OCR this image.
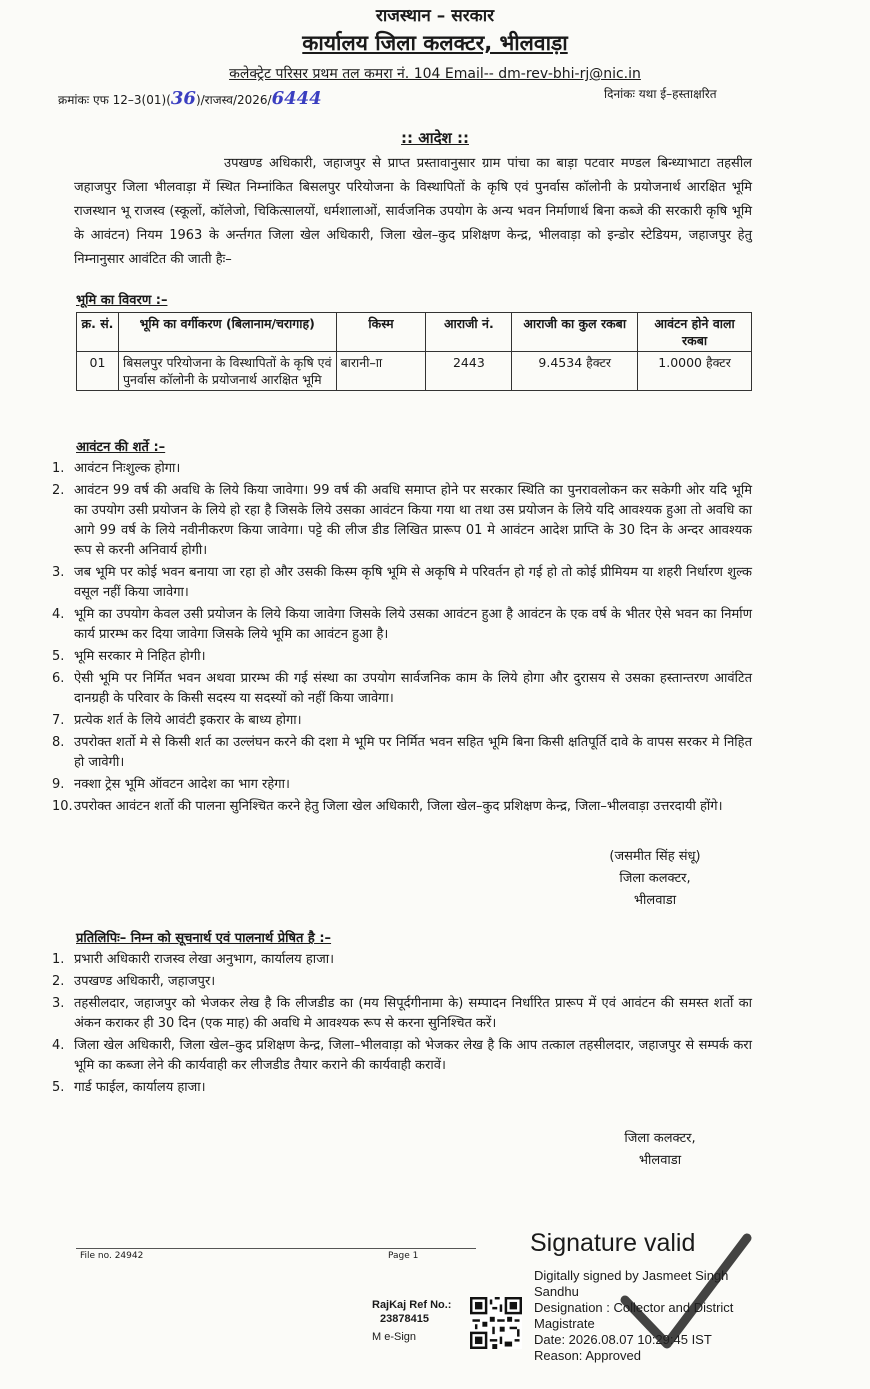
राजस्थान – सरकार
कार्यालय जिला कलक्टर, भीलवाड़ा
कलेक्ट्रेट परिसर प्रथम तल कमरा नं. 104 Email-- dm-rev-bhi-rj@nic.in
क्रमांकः एफ 12–3(01)(36)/राजस्व/2026/6444	दिनांकः यथा ई–हस्ताक्षरित
:: आदेश ::
उपखण्ड अधिकारी, जहाजपुर से प्राप्त प्रस्तावानुसार ग्राम पांचा का बाड़ा पटवार मण्डल बिन्ध्याभाटा तहसील जहाजपुर जिला भीलवाड़ा में स्थित निम्नांकित बिसलपुर परियोजना के विस्थापितों के कृषि एवं पुनर्वास कॉलोनी के प्रयोजनार्थ आरक्षित भूमि राजस्थान भू राजस्व (स्कूलों, कॉलेजो, चिकित्सालयों, धर्मशालाओं, सार्वजनिक उपयोग के अन्य भवन निर्माणार्थ बिना कब्जे की सरकारी कृषि भूमि के आवंटन) नियम 1963 के अर्न्तगत जिला खेल अधिकारी, जिला खेल–कुद प्रशिक्षण केन्द्र, भीलवाड़ा को इन्डोर स्टेडियम, जहाजपुर हेतु निम्नानुसार आवंटित की जाती हैः–
भूमि का विवरण :–
क्र. सं.	भूमि का वर्गीकरण (बिलानाम/चरागाह)	किस्म	आराजी नं.	आराजी का कुल रकबा	आवंटन होने वाला रकबा
01	बिसलपुर परियोजना के विस्थापितों के कृषि एवं पुनर्वास कॉलोनी के प्रयोजनार्थ आरक्षित भूमि	बारानी–ाा	2443	9.4534 हैक्टर	1.0000 हैक्टर
आवंटन की शर्ते :–
1. आवंटन निःशुल्क होगा।
2. आवंटन 99 वर्ष की अवधि के लिये किया जावेगा। 99 वर्ष की अवधि समाप्त होने पर सरकार स्थिति का पुनरावलोकन कर सकेगी ओर यदि भूमि का उपयोग उसी प्रयोजन के लिये हो रहा है जिसके लिये उसका आवंटन किया गया था तथा उस प्रयोजन के लिये यदि आवश्यक हुआ तो अवधि का आगे 99 वर्ष के लिये नवीनीकरण किया जावेगा। पट्टे की लीज डीड लिखित प्रारूप 01 मे आवंटन आदेश प्राप्ति के 30 दिन के अन्दर आवश्यक रूप से करनी अनिवार्य होगी।
3. जब भूमि पर कोई भवन बनाया जा रहा हो और उसकी किस्म कृषि भूमि से अकृषि मे परिवर्तन हो गई हो तो कोई प्रीमियम या शहरी निर्धारण शुल्क वसूल नहीं किया जावेगा।
4. भूमि का उपयोग केवल उसी प्रयोजन के लिये किया जावेगा जिसके लिये उसका आवंटन हुआ है आवंटन के एक वर्ष के भीतर ऐसे भवन का निर्माण कार्य प्रारम्भ कर दिया जावेगा जिसके लिये भूमि का आवंटन हुआ है।
5. भूमि सरकार मे निहित होगी।
6. ऐसी भूमि पर निर्मित भवन अथवा प्रारम्भ की गई संस्था का उपयोग सार्वजनिक काम के लिये होगा और दुरासय से उसका हस्तान्तरण आवंटित दानग्रही के परिवार के किसी सदस्य या सदस्यों को नहीं किया जावेगा।
7. प्रत्येक शर्त के लिये आवंटी इकरार के बाध्य होगा।
8. उपरोक्त शर्तो मे से किसी शर्त का उल्लंघन करने की दशा मे भूमि पर निर्मित भवन सहित भूमि बिना किसी क्षतिपूर्ति दावे के वापस सरकर मे निहित हो जावेगी।
9. नक्शा ट्रेस भूमि ऑवटन आदेश का भाग रहेगा।
10. उपरोक्त आवंटन शर्तो की पालना सुनिश्चित करने हेतु जिला खेल अधिकारी, जिला खेल–कुद प्रशिक्षण केन्द्र, जिला–भीलवाड़ा उत्तरदायी होंगे।
(जसमीत सिंह संधू)
जिला कलक्टर,
भीलवाडा
प्रतिलिपिः– निम्न को सूचनार्थ एवं पालनार्थ प्रेषित है :–
1. प्रभारी अधिकारी राजस्व लेखा अनुभाग, कार्यालय हाजा।
2. उपखण्ड अधिकारी, जहाजपुर।
3. तहसीलदार, जहाजपुर को भेजकर लेख है कि लीजडीड का (मय सिपूर्दगीनामा के) सम्पादन निर्धारित प्रारूप में एवं आवंटन की समस्त शर्तो का अंकन कराकर ही 30 दिन (एक माह) की अवधि मे आवश्यक रूप से करना सुनिश्चित करें।
4. जिला खेल अधिकारी, जिला खेल–कुद प्रशिक्षण केन्द्र, जिला–भीलवाड़ा को भेजकर लेख है कि आप तत्काल तहसीलदार, जहाजपुर से सम्पर्क करा भूमि का कब्जा लेने की कार्यवाही कर लीजडीड तैयार कराने की कार्यवाही करावें।
5. गार्ड फाईल, कार्यालय हाजा।
जिला कलक्टर,
भीलवाडा
File no. 24942	Page 1
RajKaj Ref No.:
23878415
M e-Sign
Signature valid
Digitally signed by Jasmeet Singh
Sandhu
Designation : Collector and District
Magistrate
Date: 2026.08.07 10:29:45 IST
Reason: Approved
